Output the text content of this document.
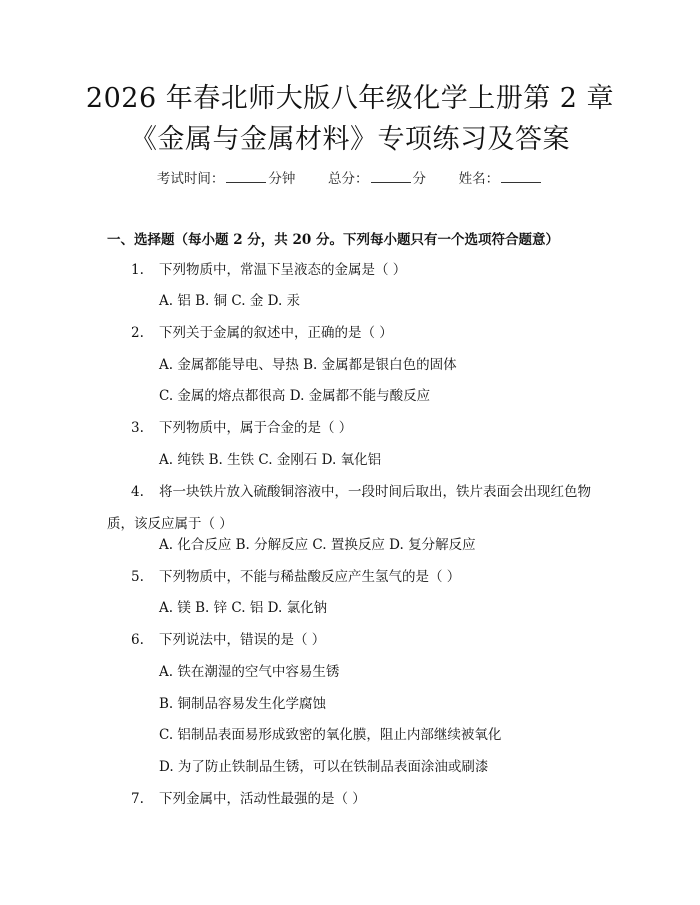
2026 年春北师大版八年级化学上册第 2 章
《金属与金属材料》专项练习及答案
考试时间：	分钟 总分：	分 姓名：
一、选择题（每小题 2 分，共 20 分。下列每小题只有一个选项符合题意）
1. 下列物质中，常温下呈液态的金属是（ ）
A. 铝 B. 铜 C. 金 D. 汞
2. 下列关于金属的叙述中，正确的是（ ）
A. 金属都能导电、导热 B. 金属都是银白色的固体
C. 金属的熔点都很高 D. 金属都不能与酸反应
3. 下列物质中，属于合金的是（ ）
A. 纯铁 B. 生铁 C. 金刚石 D. 氧化铝
4. 将一块铁片放入硫酸铜溶液中，一段时间后取出，铁片表面会出现红色物质，该反应属于（ ）
A. 化合反应 B. 分解反应 C. 置换反应 D. 复分解反应
5. 下列物质中，不能与稀盐酸反应产生氢气的是（ ）
A. 镁 B. 锌 C. 铝 D. 氯化钠
6. 下列说法中，错误的是（ ）
A. 铁在潮湿的空气中容易生锈
B. 铜制品容易发生化学腐蚀
C. 铝制品表面易形成致密的氧化膜，阻止内部继续被氧化
D. 为了防止铁制品生锈，可以在铁制品表面涂油或刷漆
7. 下列金属中，活动性最强的是（ ）
